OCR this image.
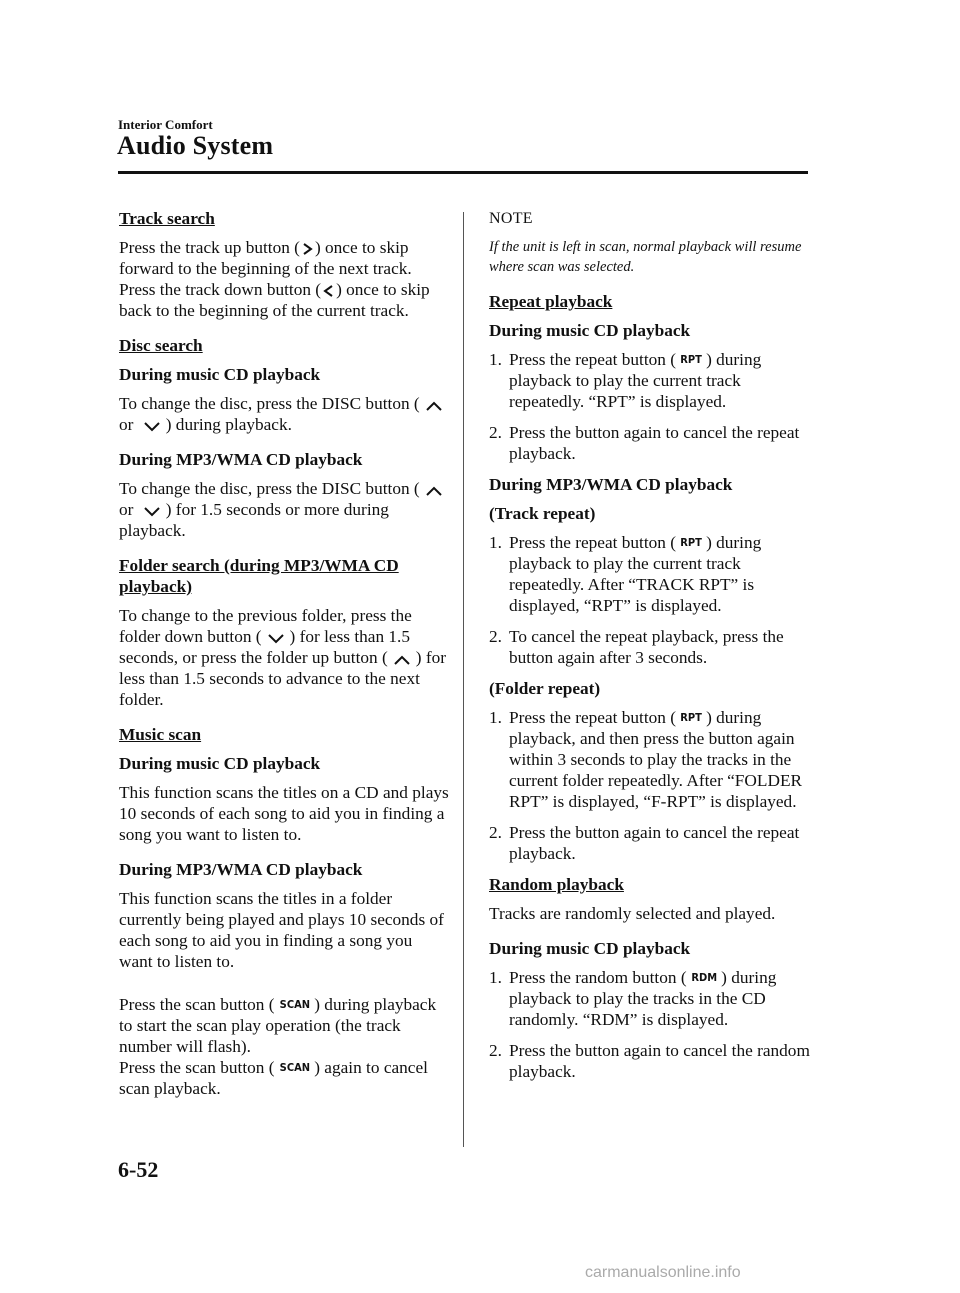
Interior Comfort
Audio System

Track search

Press the track up button ( ) once to skip forward to the beginning of the next track. Press the track down button ( ) once to skip back to the beginning of the current track.

Disc search

During music CD playback

To change the disc, press the DISC button (
or ) during playback.

During MP3/WMA CD playback

To change the disc, press the DISC button (
or ) for 1.5 seconds or more during playback.

Folder search (during MP3/WMA CD playback)

To change to the previous folder, press the folder down button ( ) for less than 1.5 seconds, or press the folder up button ( ) for less than 1.5 seconds to advance to the next folder.

Music scan

During music CD playback

This function scans the titles on a CD and plays 10 seconds of each song to aid you in finding a song you want to listen to.

During MP3/WMA CD playback

This function scans the titles in a folder currently being played and plays 10 seconds of each song to aid you in finding a song you want to listen to.

Press the scan button ( SCAN ) during playback to start the scan play operation (the track number will flash).

Press the scan button ( SCAN ) again to cancel scan playback.

NOTE

If the unit is left in scan, normal playback will resume where scan was selected.

Repeat playback

During music CD playback

1. Press the repeat button ( RPT ) during playback to play the current track repeatedly. “RPT” is displayed.
2. Press the button again to cancel the repeat playback.

During MP3/WMA CD playback

(Track repeat)

1. Press the repeat button ( RPT ) during playback to play the current track repeatedly. After “TRACK RPT” is displayed, “RPT” is displayed.
2. To cancel the repeat playback, press the button again after 3 seconds.

(Folder repeat)

1. Press the repeat button ( RPT ) during playback, and then press the button again within 3 seconds to play the tracks in the current folder repeatedly. After “FOLDER RPT” is displayed, “F-RPT” is displayed.
2. Press the button again to cancel the repeat playback.

Random playback

Tracks are randomly selected and played.

During music CD playback

1. Press the random button ( RDM ) during playback to play the tracks in the CD randomly. “RDM” is displayed.
2. Press the button again to cancel the random playback.
6-52
carmanualsonline.info
